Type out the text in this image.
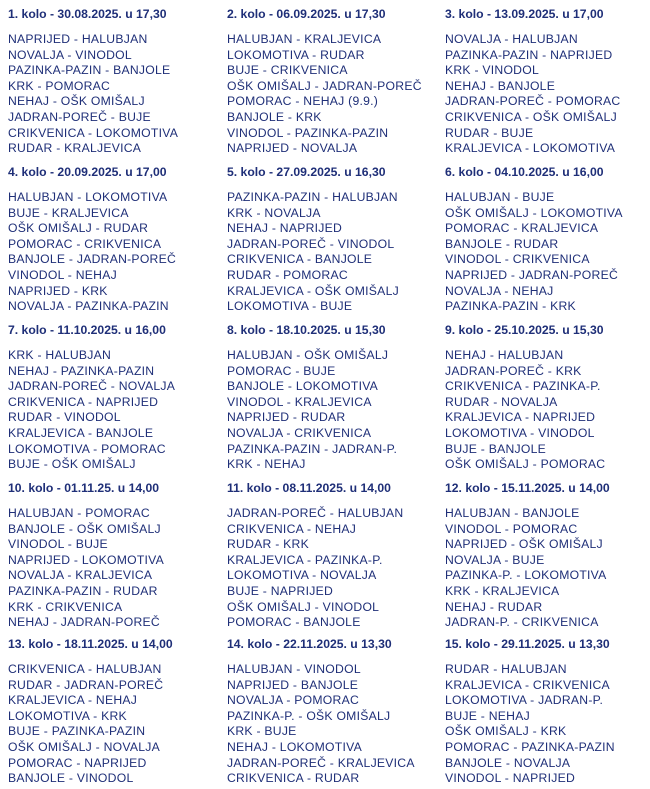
1. kolo - 30.08.2025. u 17,30
NAPRIJED - HALUBJAN
NOVALJA - VINODOL
PAZINKA-PAZIN - BANJOLE
KRK - POMORAC
NEHAJ - OŠK OMIŠALJ
JADRAN-POREČ - BUJE
CRIKVENICA - LOKOMOTIVA
RUDAR - KRALJEVICA
2. kolo - 06.09.2025. u 17,30
HALUBJAN - KRALJEVICA
LOKOMOTIVA - RUDAR
BUJE - CRIKVENICA
OŠK OMIŠALJ - JADRAN-POREČ
POMORAC - NEHAJ (9.9.)
BANJOLE - KRK
VINODOL - PAZINKA-PAZIN
NAPRIJED - NOVALJA
3. kolo - 13.09.2025. u 17,00
NOVALJA - HALUBJAN
PAZINKA-PAZIN - NAPRIJED
KRK - VINODOL
NEHAJ - BANJOLE
JADRAN-POREČ - POMORAC
CRIKVENICA - OŠK OMIŠALJ
RUDAR - BUJE
KRALJEVICA - LOKOMOTIVA
4. kolo - 20.09.2025. u 17,00
HALUBJAN - LOKOMOTIVA
BUJE - KRALJEVICA
OŠK OMIŠALJ - RUDAR
POMORAC - CRIKVENICA
BANJOLE - JADRAN-POREČ
VINODOL - NEHAJ
NAPRIJED - KRK
NOVALJA - PAZINKA-PAZIN
5. kolo - 27.09.2025. u 16,30
PAZINKA-PAZIN - HALUBJAN
KRK - NOVALJA
NEHAJ - NAPRIJED
JADRAN-POREČ - VINODOL
CRIKVENICA - BANJOLE
RUDAR - POMORAC
KRALJEVICA - OŠK OMIŠALJ
LOKOMOTIVA - BUJE
6. kolo - 04.10.2025. u 16,00
HALUBJAN - BUJE
OŠK OMIŠALJ - LOKOMOTIVA
POMORAC - KRALJEVICA
BANJOLE - RUDAR
VINODOL - CRIKVENICA
NAPRIJED - JADRAN-POREČ
NOVALJA - NEHAJ
PAZINKA-PAZIN - KRK
7. kolo - 11.10.2025. u 16,00
KRK - HALUBJAN
NEHAJ - PAZINKA-PAZIN
JADRAN-POREČ - NOVALJA
CRIKVENICA - NAPRIJED
RUDAR - VINODOL
KRALJEVICA - BANJOLE
LOKOMOTIVA - POMORAC
BUJE - OŠK OMIŠALJ
8. kolo - 18.10.2025. u 15,30
HALUBJAN - OŠK OMIŠALJ
POMORAC - BUJE
BANJOLE - LOKOMOTIVA
VINODOL - KRALJEVICA
NAPRIJED - RUDAR
NOVALJA - CRIKVENICA
PAZINKA-PAZIN - JADRAN-P.
KRK - NEHAJ
9. kolo - 25.10.2025. u 15,30
NEHAJ - HALUBJAN
JADRAN-POREČ - KRK
CRIKVENICA - PAZINKA-P.
RUDAR - NOVALJA
KRALJEVICA - NAPRIJED
LOKOMOTIVA - VINODOL
BUJE - BANJOLE
OŠK OMIŠALJ - POMORAC
10. kolo - 01.11.25. u 14,00
HALUBJAN - POMORAC
BANJOLE - OŠK OMIŠALJ
VINODOL - BUJE
NAPRIJED - LOKOMOTIVA
NOVALJA - KRALJEVICA
PAZINKA-PAZIN - RUDAR
KRK - CRIKVENICA
NEHAJ - JADRAN-POREČ
11. kolo - 08.11.2025. u 14,00
JADRAN-POREČ - HALUBJAN
CRIKVENICA - NEHAJ
RUDAR - KRK
KRALJEVICA - PAZINKA-P.
LOKOMOTIVA - NOVALJA
BUJE - NAPRIJED
OŠK OMIŠALJ - VINODOL
POMORAC - BANJOLE
12. kolo - 15.11.2025. u 14,00
HALUBJAN - BANJOLE
VINODOL - POMORAC
NAPRIJED - OŠK OMIŠALJ
NOVALJA - BUJE
PAZINKA-P. - LOKOMOTIVA
KRK - KRALJEVICA
NEHAJ - RUDAR
JADRAN-P. - CRIKVENICA
13. kolo - 18.11.2025. u 14,00
CRIKVENICA - HALUBJAN
RUDAR - JADRAN-POREČ
KRALJEVICA - NEHAJ
LOKOMOTIVA - KRK
BUJE - PAZINKA-PAZIN
OŠK OMIŠALJ - NOVALJA
POMORAC - NAPRIJED
BANJOLE - VINODOL
14. kolo - 22.11.2025. u 13,30
HALUBJAN - VINODOL
NAPRIJED - BANJOLE
NOVALJA - POMORAC
PAZINKA-P. - OŠK OMIŠALJ
KRK - BUJE
NEHAJ - LOKOMOTIVA
JADRAN-POREČ - KRALJEVICA
CRIKVENICA - RUDAR
15. kolo - 29.11.2025. u 13,30
RUDAR - HALUBJAN
KRALJEVICA - CRIKVENICA
LOKOMOTIVA - JADRAN-P.
BUJE - NEHAJ
OŠK OMIŠALJ - KRK
POMORAC - PAZINKA-PAZIN
BANJOLE - NOVALJA
VINODOL - NAPRIJED
